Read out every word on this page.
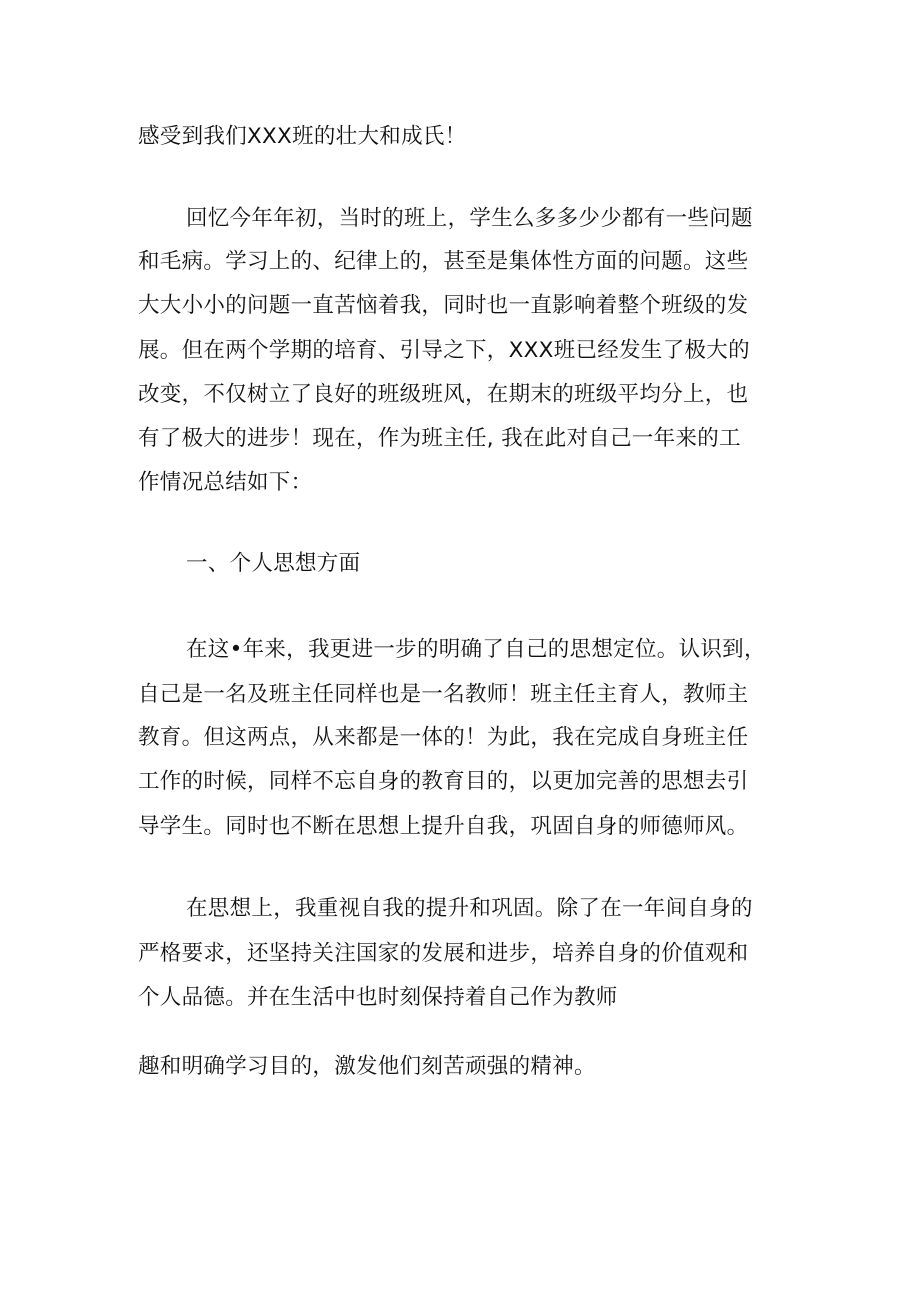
感受到我们XXX班的壮大和成氏！

回忆今年年初，当时的班上，学生么多多少少都有一些问题

和毛病。学习上的、纪律上的，甚至是集体性方面的问题。这些

大大小小的问题一直苦恼着我，同时也一直影响着整个班级的发

展。但在两个学期的培育、引导之下，XXX班已经发生了极大的

改变，不仅树立了良好的班级班风，在期末的班级平均分上，也

有了极大的进步！现在，作为班主任, 我在此对自己一年来的工

作情况总结如下：

一、个人思想方面

在这•年来，我更进一步的明确了自己的思想定位。认识到，

自己是一名及班主任同样也是一名教师！班主任主育人，教师主

教育。但这两点，从来都是一体的！为此，我在完成自身班主任

工作的时候，同样不忘自身的教育目的，以更加完善的思想去引

导学生。同时也不断在思想上提升自我，巩固自身的师德师风。

在思想上，我重视自我的提升和巩固。除了在一年间自身的

严格要求，还坚持关注国家的发展和进步，培养自身的价值观和

个人品德。并在生活中也时刻保持着自己作为教师

趣和明确学习目的，激发他们刻苦顽强的精神。
